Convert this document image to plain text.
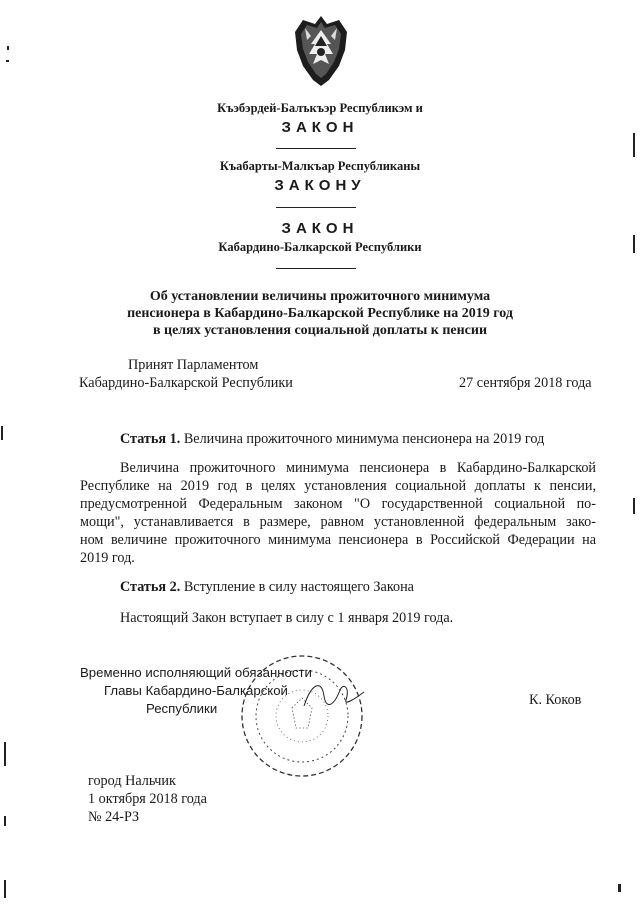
Къэбэрдей-Балъкъэр Республикэм и
ЗАКОН
Къабарты-Малкъар Республиканы
ЗАКОНУ
ЗАКОН
Кабардино-Балкарской Республики
Об установлении величины прожиточного минимума
пенсионера в Кабардино-Балкарской Республике на 2019 год
в целях установления социальной доплаты к пенсии
Принят Парламентом
Кабардино-Балкарской Республики	27 сентября 2018 года
Статья 1. Величина прожиточного минимума пенсионера на 2019 год
Величина прожиточного минимума пенсионера в Кабардино-Балкарской
Республике на 2019 год в целях установления социальной доплаты к пенсии,
предусмотренной Федеральным законом "О государственной социальной по-
мощи", устанавливается в размере, равном установленной федеральным зако-
ном величине прожиточного минимума пенсионера в Российской Федерации на
2019 год.
Статья 2. Вступление в силу настоящего Закона
Настоящий Закон вступает в силу с 1 января 2019 года.
Временно исполняющий обязанности
Главы Кабардино-Балкарской
Республики
К. Коков
город Нальчик
1 октября 2018 года
№ 24-РЗ
